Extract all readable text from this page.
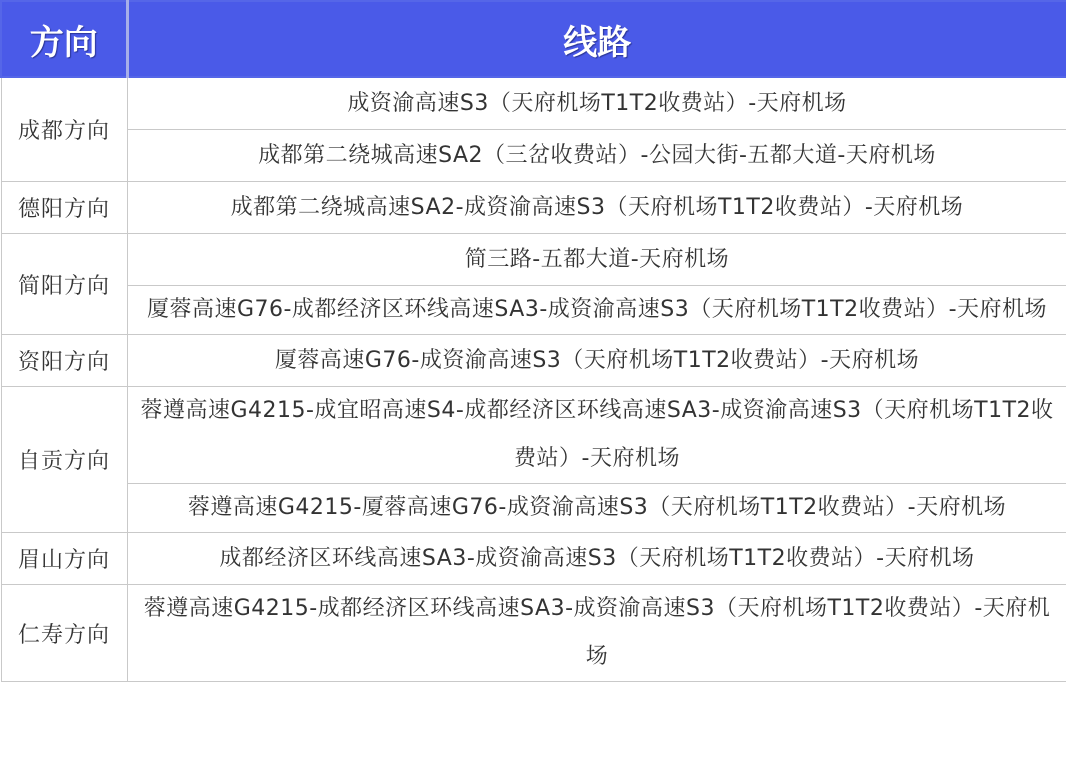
方向	线路
成都方向	成资渝高速S3（天府机场T1T2收费站）-天府机场
	成都第二绕城高速SA2（三岔收费站）-公园大街-五都大道-天府机场
德阳方向	成都第二绕城高速SA2-成资渝高速S3（天府机场T1T2收费站）-天府机场
简阳方向	简三路-五都大道-天府机场
	厦蓉高速G76-成都经济区环线高速SA3-成资渝高速S3（天府机场T1T2收费站）-天府机场
资阳方向	厦蓉高速G76-成资渝高速S3（天府机场T1T2收费站）-天府机场
自贡方向	蓉遵高速G4215-成宜昭高速S4-成都经济区环线高速SA3-成资渝高速S3（天府机场T1T2收费站）-天府机场
	蓉遵高速G4215-厦蓉高速G76-成资渝高速S3（天府机场T1T2收费站）-天府机场
眉山方向	成都经济区环线高速SA3-成资渝高速S3（天府机场T1T2收费站）-天府机场
仁寿方向	蓉遵高速G4215-成都经济区环线高速SA3-成资渝高速S3（天府机场T1T2收费站）-天府机场
